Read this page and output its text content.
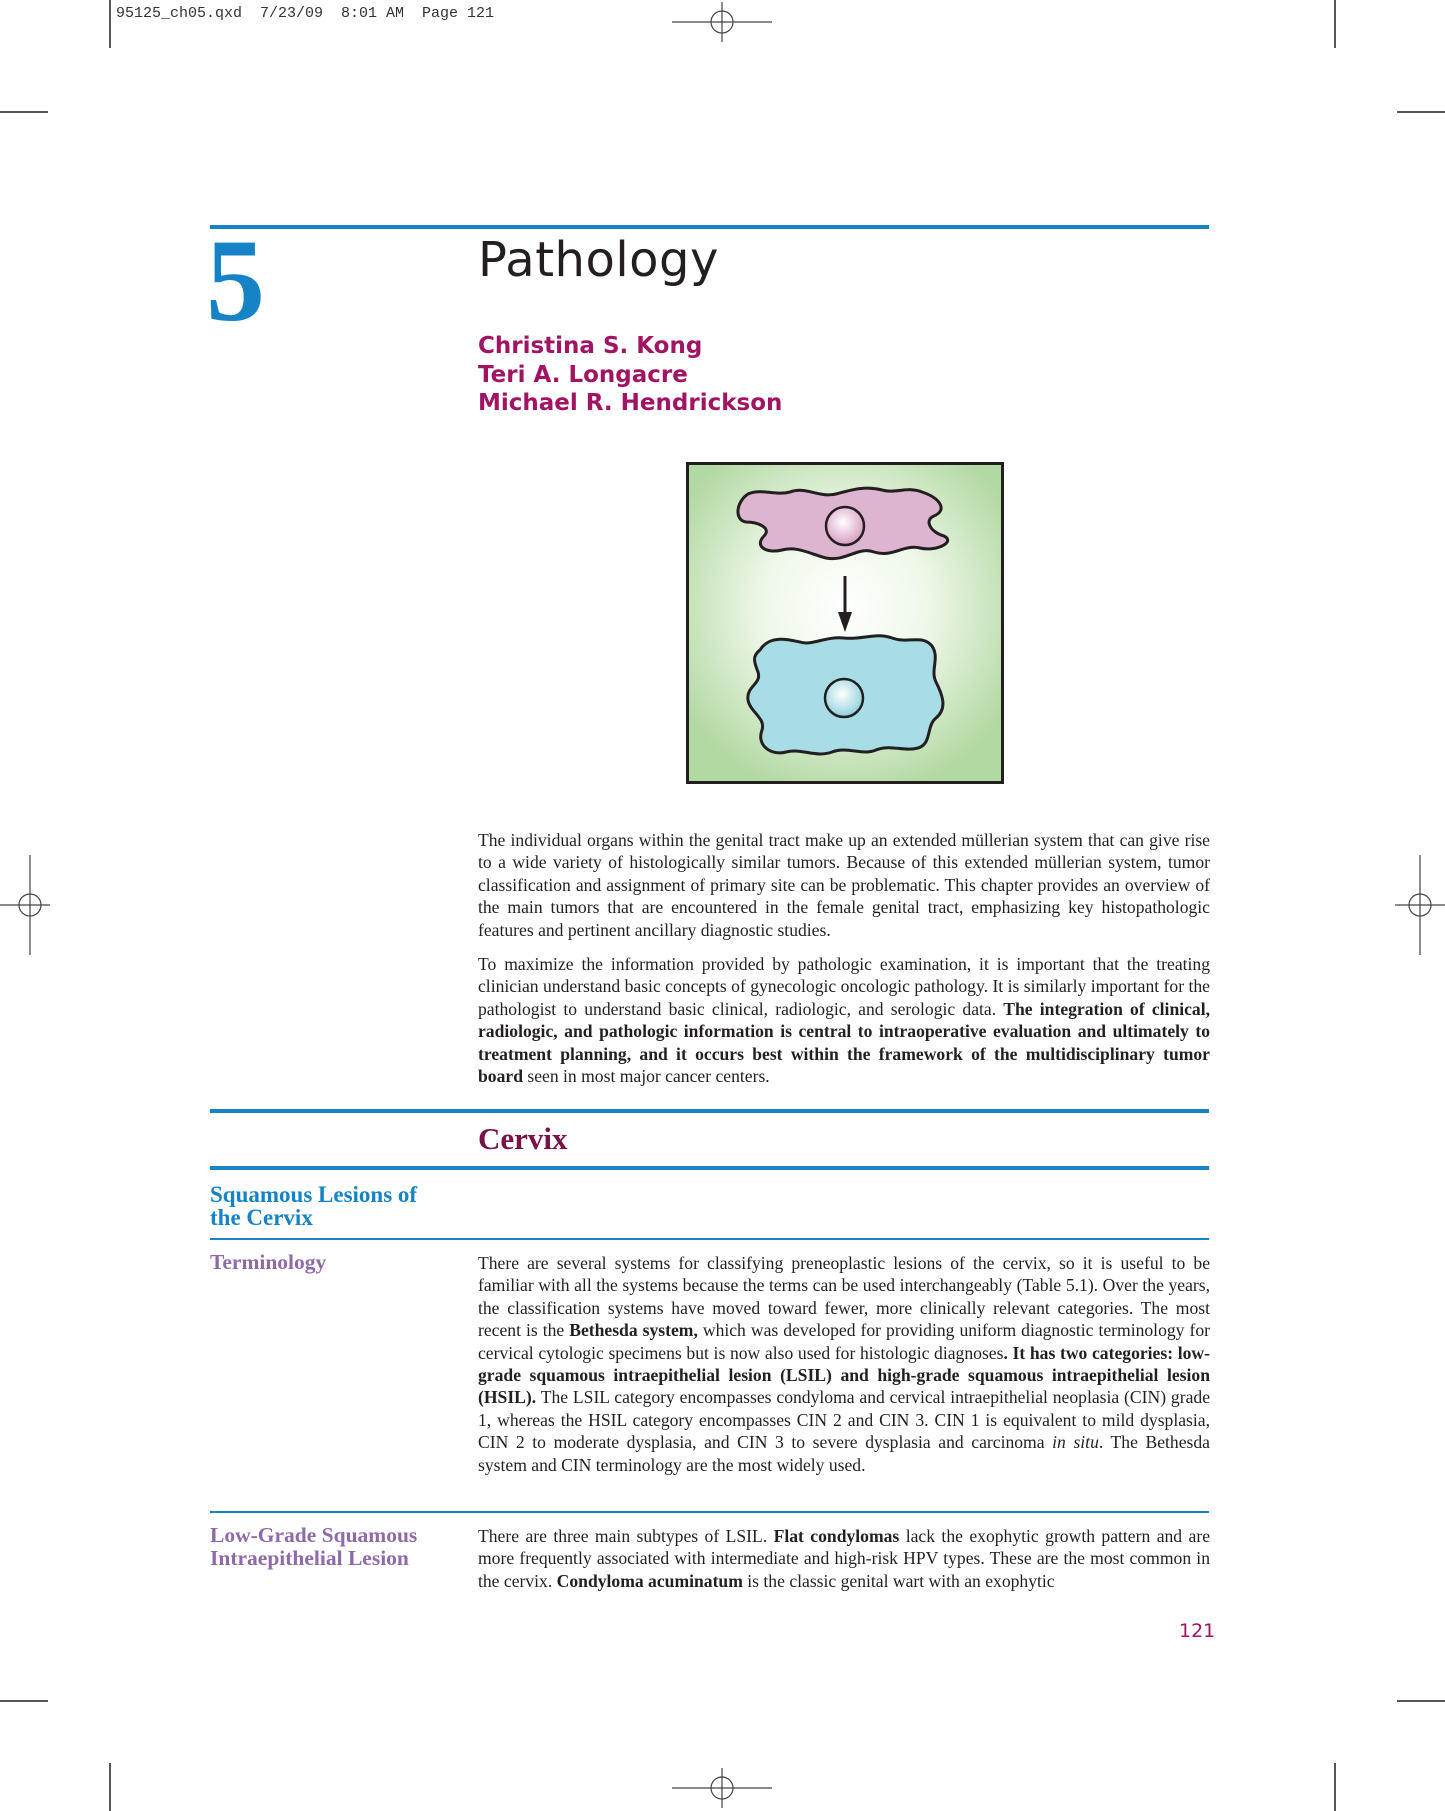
95125_ch05.qxd  7/23/09  8:01 AM  Page 121
5	Pathology
Christina S. Kong
Teri A. Longacre
Michael R. Hendrickson

The individual organs within the genital tract make up an extended müllerian system that can give rise to a wide variety of histologically similar tumors. Because of this extended müllerian system, tumor classification and assignment of primary site can be problematic. This chapter provides an overview of the main tumors that are encountered in the female genital tract, emphasizing key histopathologic features and pertinent ancillary diagnostic studies.

To maximize the information provided by pathologic examination, it is important that the treating clinician understand basic concepts of gynecologic oncologic pathology. It is similarly important for the pathologist to understand basic clinical, radiologic, and serologic data. The integration of clinical, radiologic, and pathologic information is central to intraoperative evaluation and ultimately to treatment planning, and it occurs best within the framework of the multidisciplinary tumor board seen in most major cancer centers.

Cervix
Squamous Lesions of the Cervix
Terminology	There are several systems for classifying preneoplastic lesions of the cervix, so it is useful to be familiar with all the systems because the terms can be used interchangeably (Table 5.1). Over the years, the classification systems have moved toward fewer, more clinically relevant categories. The most recent is the Bethesda system, which was developed for providing uniform diagnostic terminology for cervical cytologic specimens but is now also used for histologic diagnoses. It has two categories: low-grade squamous intraepithelial lesion (LSIL) and high-grade squamous intraepithelial lesion (HSIL). The LSIL category encompasses condyloma and cervical intraepithelial neoplasia (CIN) grade 1, whereas the HSIL category encompasses CIN 2 and CIN 3. CIN 1 is equivalent to mild dysplasia, CIN 2 to moderate dysplasia, and CIN 3 to severe dysplasia and carcinoma in situ. The Bethesda system and CIN terminology are the most widely used.

Low-Grade Squamous Intraepithelial Lesion

There are three main subtypes of LSIL. Flat condylomas lack the exophytic growth pattern and are more frequently associated with intermediate and high-risk HPV types. These are the most common in the cervix. Condyloma acuminatum is the classic genital wart with an exophytic

121
